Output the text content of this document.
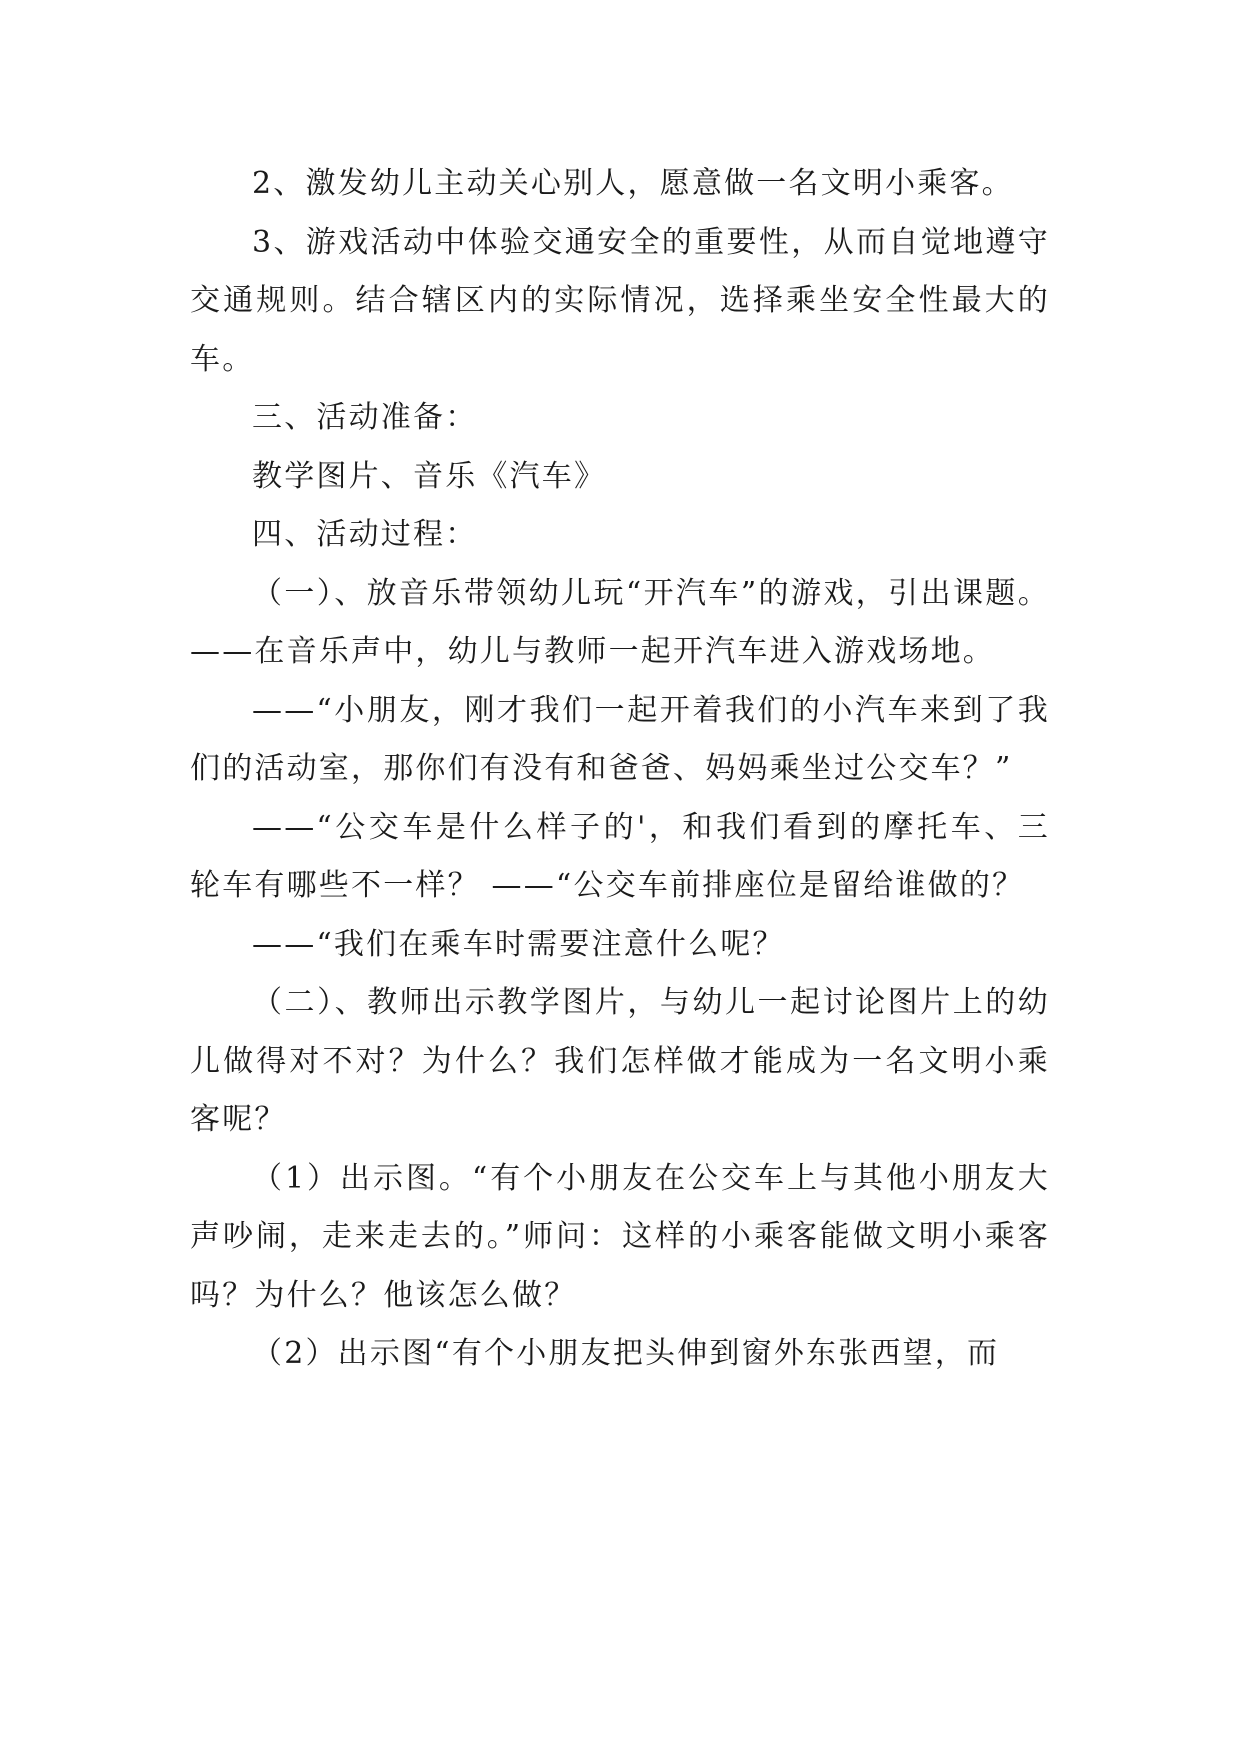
2、激发幼儿主动关心别人，愿意做一名文明小乘客。

3、游戏活动中体验交通安全的重要性，从而自觉地遵守交通规则。结合辖区内的实际情况，选择乘坐安全性最大的车。

三、活动准备：

教学图片、音乐《汽车》

四、活动过程：

（一）、放音乐带领幼儿玩“开汽车”的游戏，引出课题。 ——在音乐声中，幼儿与教师一起开汽车进入游戏场地。

——“小朋友，刚才我们一起开着我们的小汽车来到了我们的活动室，那你们有没有和爸爸、妈妈乘坐过公交车？”

——“公交车是什么样子的'，和我们看到的摩托车、三轮车有哪些不一样？ ——“公交车前排座位是留给谁做的？

——“我们在乘车时需要注意什么呢？

（二）、教师出示教学图片，与幼儿一起讨论图片上的幼儿做得对不对？为什么？我们怎样做才能成为一名文明小乘客呢？

（1）出示图。“有个小朋友在公交车上与其他小朋友大声吵闹，走来走去的。”师问：这样的小乘客能做文明小乘客吗？为什么？他该怎么做？

（2）出示图“有个小朋友把头伸到窗外东张西望，而
